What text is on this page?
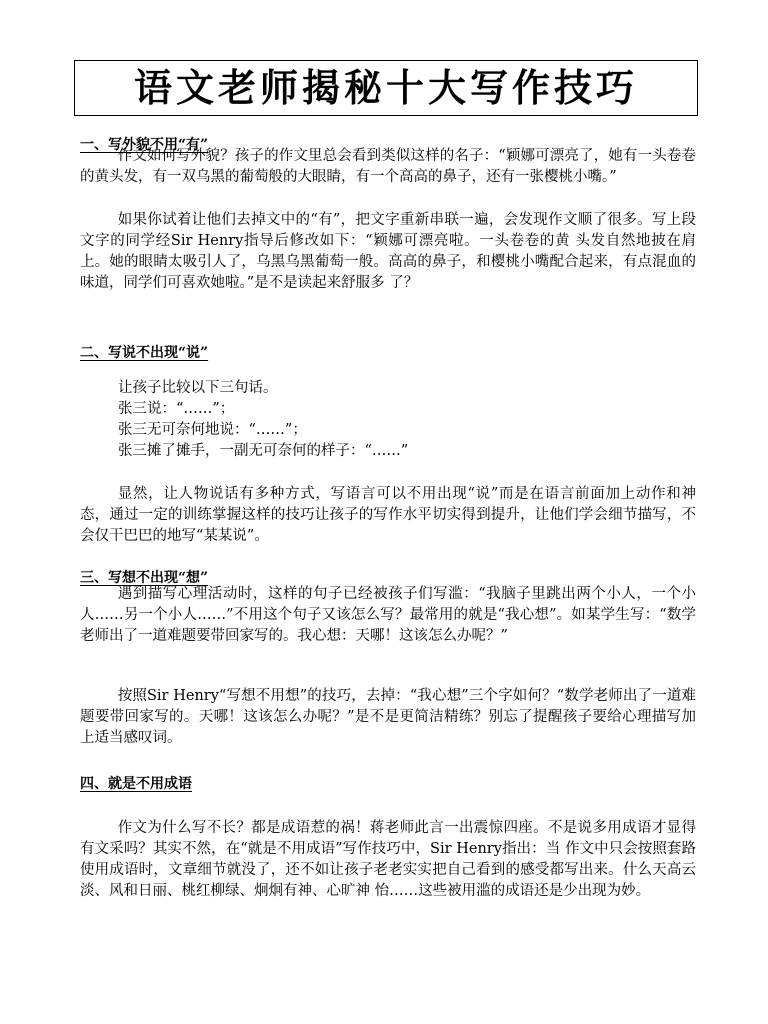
语文老师揭秘十大写作技巧
一、写外貌不用“有”

作文如何写外貌？孩子的作文里总会看到类似这样的名子：“颖娜可漂亮了，她有一头卷卷的黄头发，有一双乌黑的葡萄般的大眼睛，有一个高高的鼻子，还有一张樱桃小嘴。”

如果你试着让他们去掉文中的“有”，把文字重新串联一遍，会发现作文顺了很多。写上段文字的同学经Sir Henry指导后修改如下：“颖娜可漂亮啦。一头卷卷的黄 头发自然地披在肩上。她的眼睛太吸引人了，乌黑乌黑葡萄一般。高高的鼻子，和樱桃小嘴配合起来，有点混血的味道，同学们可喜欢她啦。”是不是读起来舒服多 了？

二、写说不出现“说”
让孩子比较以下三句话。
张三说：“……”；
张三无可奈何地说：“……”；
张三摊了摊手，一副无可奈何的样子：“……”

显然，让人物说话有多种方式，写语言可以不用出现“说”而是在语言前面加上动作和神态，通过一定的训练掌握这样的技巧让孩子的写作水平切实得到提升，让他们学会细节描写，不会仅干巴巴的地写“某某说”。

三、写想不出现“想”

遇到描写心理活动时，这样的句子已经被孩子们写滥：“我脑子里跳出两个小人，一个小人……另一个小人……”不用这个句子又该怎么写？最常用的就是“我心想”。如某学生写：“数学老师出了一道难题要带回家写的。我心想：天哪！这该怎么办呢？”

按照Sir Henry“写想不用想”的技巧，去掉：“我心想”三个字如何？“数学老师出了一道难题要带回家写的。天哪！这该怎么办呢？”是不是更简洁精练？别忘了提醒孩子要给心理描写加上适当感叹词。

四、就是不用成语

作文为什么写不长？都是成语惹的祸！蒋老师此言一出震惊四座。不是说多用成语才显得有文采吗？其实不然，在“就是不用成语”写作技巧中，Sir Henry指出：当 作文中只会按照套路使用成语时，文章细节就没了，还不如让孩子老老实实把自己看到的感受都写出来。什么天高云淡、风和日丽、桃红柳绿、炯炯有神、心旷神 怡……这些被用滥的成语还是少出现为妙。
